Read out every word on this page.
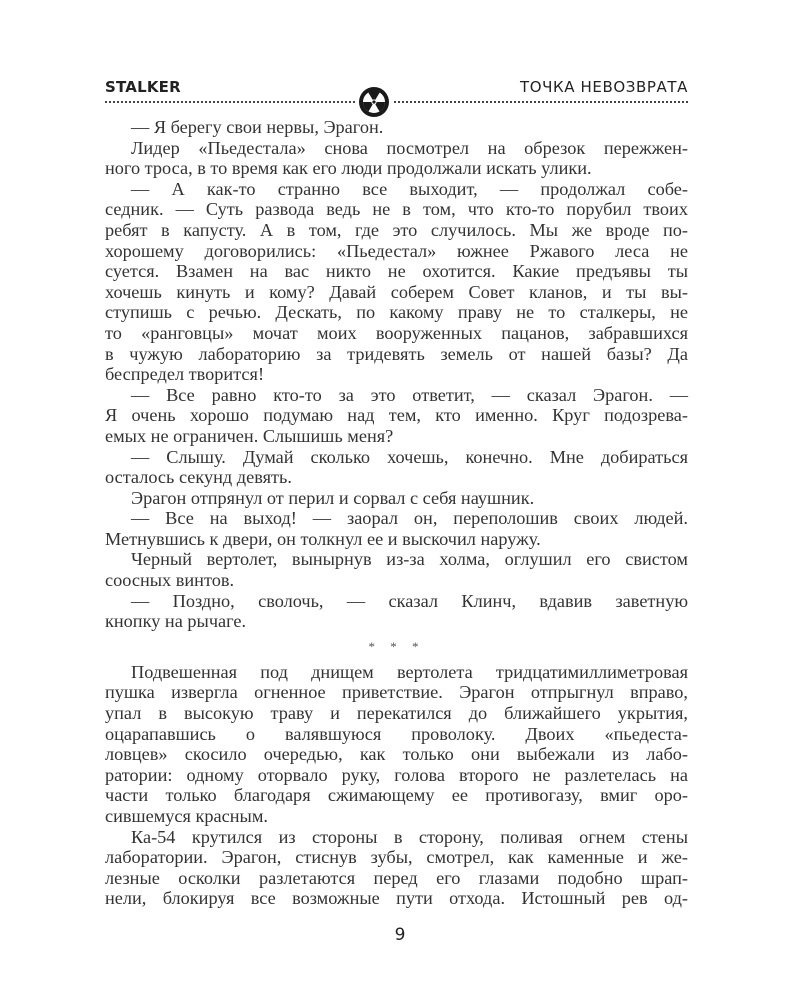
STALKER	ТОЧКА НЕВОЗВРАТА
— Я берегу свои нервы, Эрагон.
Лидер «Пьедестала» снова посмотрел на обрезок пережжен-
ного троса, в то время как его люди продолжали искать улики.
— А как-то странно все выходит, — продолжал собе-
седник. — Суть развода ведь не в том, что кто-то порубил твоих
ребят в капусту. А в том, где это случилось. Мы же вроде по-
хорошему договорились: «Пьедестал» южнее Ржавого леса не
суется. Взамен на вас никто не охотится. Какие предъявы ты
хочешь кинуть и кому? Давай соберем Совет кланов, и ты вы-
ступишь с речью. Дескать, по какому праву не то сталкеры, не
то «ранговцы» мочат моих вооруженных пацанов, забравшихся
в чужую лабораторию за тридевять земель от нашей базы? Да
беспредел творится!
— Все равно кто-то за это ответит, — сказал Эрагон. —
Я очень хорошо подумаю над тем, кто именно. Круг подозрева-
емых не ограничен. Слышишь меня?
— Слышу. Думай сколько хочешь, конечно. Мне добираться
осталось секунд девять.
Эрагон отпрянул от перил и сорвал с себя наушник.
— Все на выход! — заорал он, переполошив своих людей.
Метнувшись к двери, он толкнул ее и выскочил наружу.
Черный вертолет, вынырнув из-за холма, оглушил его свистом
соосных винтов.
— Поздно, сволочь, — сказал Клинч, вдавив заветную
кнопку на рычаге.
* * *
Подвешенная под днищем вертолета тридцатимиллиметровая
пушка извергла огненное приветствие. Эрагон отпрыгнул вправо,
упал в высокую траву и перекатился до ближайшего укрытия,
оцарапавшись о валявшуюся проволоку. Двоих «пьедеста-
ловцев» скосило очередью, как только они выбежали из лабо-
ратории: одному оторвало руку, голова второго не разлетелась на
части только благодаря сжимающему ее противогазу, вмиг оро-
сившемуся красным.
Ка-54 крутился из стороны в сторону, поливая огнем стены
лаборатории. Эрагон, стиснув зубы, смотрел, как каменные и же-
лезные осколки разлетаются перед его глазами подобно шрап-
нели, блокируя все возможные пути отхода. Истошный рев од-
9
